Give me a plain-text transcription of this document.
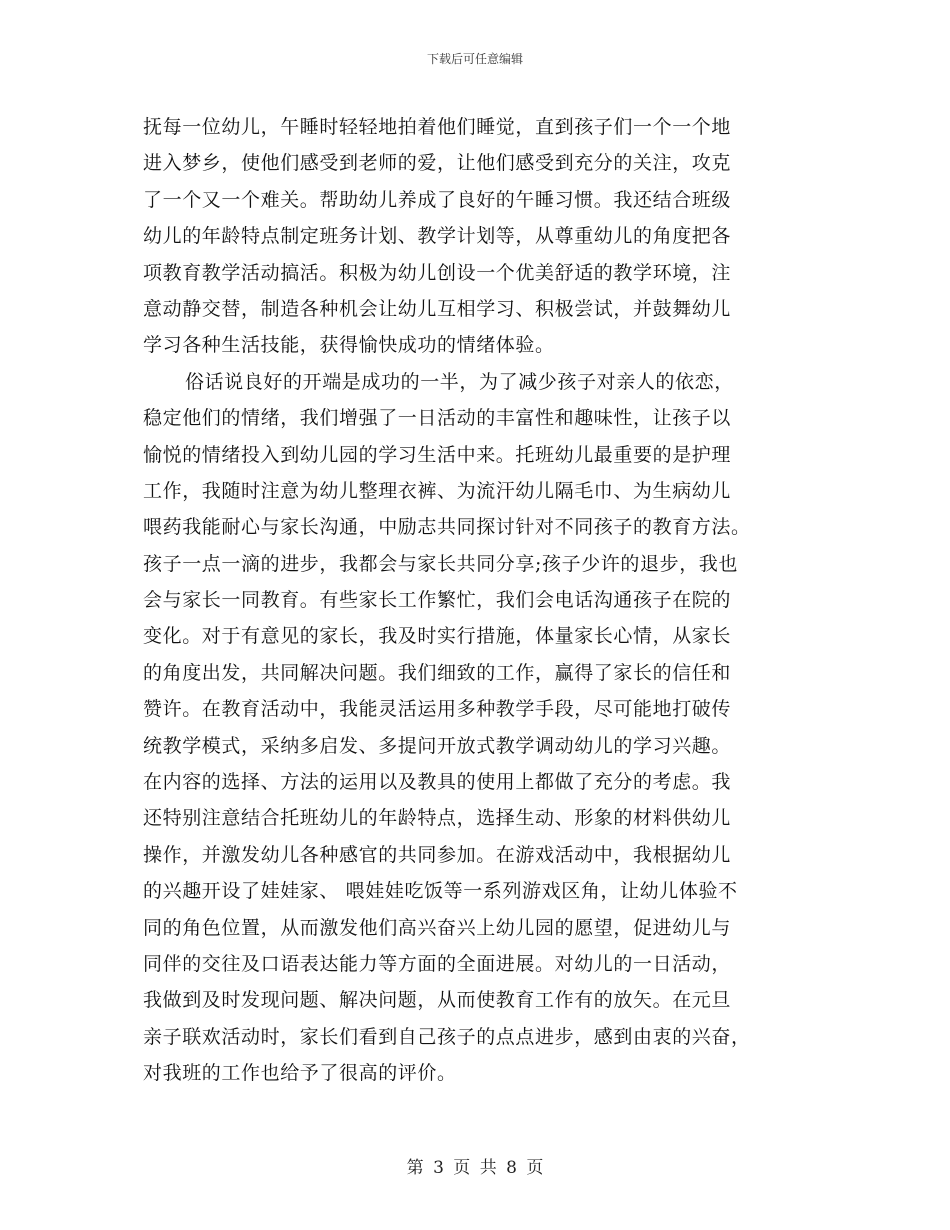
下载后可任意编辑
抚每一位幼儿，午睡时轻轻地拍着他们睡觉，直到孩子们一个一个地
进入梦乡，使他们感受到老师的爱，让他们感受到充分的关注，攻克
了一个又一个难关。帮助幼儿养成了良好的午睡习惯。我还结合班级
幼儿的年龄特点制定班务计划、教学计划等，从尊重幼儿的角度把各
项教育教学活动搞活。积极为幼儿创设一个优美舒适的教学环境，注
意动静交替，制造各种机会让幼儿互相学习、积极尝试，并鼓舞幼儿
学习各种生活技能，获得愉快成功的情绪体验。
俗话说良好的开端是成功的一半，为了减少孩子对亲人的依恋，
稳定他们的情绪，我们增强了一日活动的丰富性和趣味性，让孩子以
愉悦的情绪投入到幼儿园的学习生活中来。托班幼儿最重要的是护理
工作，我随时注意为幼儿整理衣裤、为流汗幼儿隔毛巾、为生病幼儿
喂药我能耐心与家长沟通，中励志共同探讨针对不同孩子的教育方法。
孩子一点一滴的进步，我都会与家长共同分享;孩子少许的退步，我也
会与家长一同教育。有些家长工作繁忙，我们会电话沟通孩子在院的
变化。对于有意见的家长，我及时实行措施，体量家长心情，从家长
的角度出发，共同解决问题。我们细致的工作，赢得了家长的信任和
赞许。在教育活动中，我能灵活运用多种教学手段，尽可能地打破传
统教学模式，采纳多启发、多提问开放式教学调动幼儿的学习兴趣。
在内容的选择、方法的运用以及教具的使用上都做了充分的考虑。我
还特别注意结合托班幼儿的年龄特点，选择生动、形象的材料供幼儿
操作，并激发幼儿各种感官的共同参加。在游戏活动中，我根据幼儿
的兴趣开设了娃娃家、 喂娃娃吃饭等一系列游戏区角，让幼儿体验不
同的角色位置，从而激发他们高兴奋兴上幼儿园的愿望，促进幼儿与
同伴的交往及口语表达能力等方面的全面进展。对幼儿的一日活动，
我做到及时发现问题、解决问题，从而使教育工作有的放矢。在元旦
亲子联欢活动时，家长们看到自己孩子的点点进步，感到由衷的兴奋，
对我班的工作也给予了很高的评价。
第 3 页 共 8 页
